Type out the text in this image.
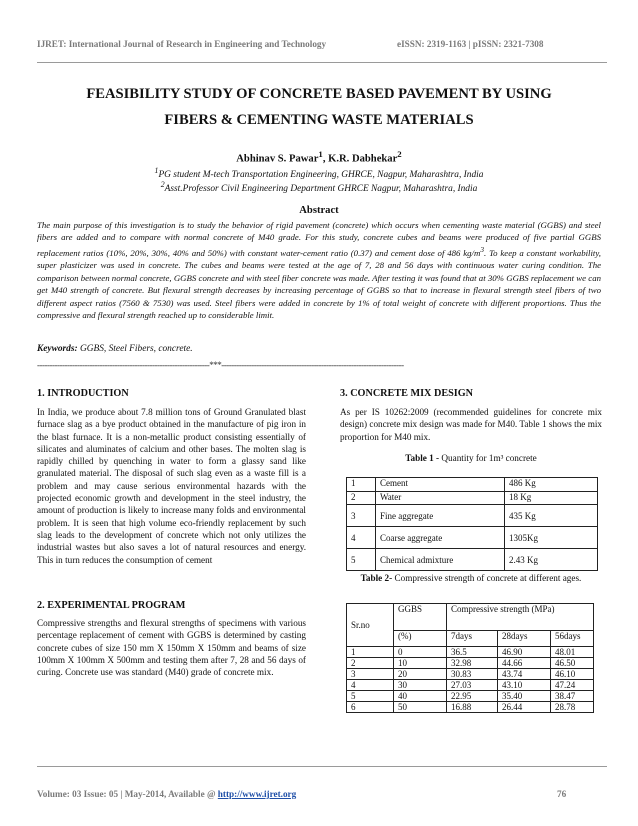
IJRET: International Journal of Research in Engineering and Technology	eISSN: 2319-1163 | pISSN: 2321-7308
FEASIBILITY STUDY OF CONCRETE BASED PAVEMENT BY USING
FIBERS & CEMENTING WASTE MATERIALS
Abhinav S. Pawar$^1$, K.R. Dabhekar$^2$
$^1$PG student M-tech Transportation Engineering, GHRCE, Nagpur, Maharashtra, India
$^2$Asst.Professor Civil Engineering Department GHRCE Nagpur, Maharashtra, India
Abstract
The main purpose of this investigation is to study the behavior of rigid pavement (concrete) which occurs when cementing waste material (GGBS) and steel fibers are added and to compare with normal concrete of M40 grade. For this study, concrete cubes and beams were produced of five partial GGBS replacement ratios (10%, 20%, 30%, 40% and 50%) with constant water-cement ratio (0.37) and cement dose of 486 $kg/m^3$. To keep a constant workability, super plasticizer was used in concrete. The cubes and beams were tested at the age of 7, 28 and 56 days with continuous water curing condition. The comparison between normal concrete, GGBS concrete and with steel fiber concrete was made. After testing it was found that at 30% GGBS replacement we can get M40 strength of concrete. But flexural strength decreases by increasing percentage of GGBS so that to increase in flexural strength steel fibers of two different aspect ratios (7560 & 7530) was used. Steel fibers were added in concrete by 1% of total weight of concrete with different proportions. Thus the compressive and flexural strength reached up to considerable limit.
Keywords: GGBS, Steel Fibers, concrete.
---------------------------------------------------------------------***-------------------------------------------------------------------------
1. INTRODUCTION
In India, we produce about 7.8 million tons of Ground Granulated blast furnace slag as a bye product obtained in the manufacture of pig iron in the blast furnace. It is a non-metallic product consisting essentially of silicates and aluminates of calcium and other bases. The molten slag is rapidly chilled by quenching in water to form a glassy sand like granulated material. The disposal of such slag even as a waste fill is a problem and may cause serious environmental hazards with the projected economic growth and development in the steel industry, the amount of production is likely to increase many folds and environmental problem. It is seen that high volume eco-friendly replacement by such slag leads to the development of concrete which not only utilizes the industrial wastes but also saves a lot of natural resources and energy. This in turn reduces the consumption of cement
2. EXPERIMENTAL PROGRAM
Compressive strengths and flexural strengths of specimens with various percentage replacement of cement with GGBS is determined by casting concrete cubes of size 150 mm X 150mm X 150mm and beams of size 100mm X 100mm X 500mm and testing them after 7, 28 and 56 days of curing. Concrete use was standard (M40) grade of concrete mix.
3. CONCRETE MIX DESIGN
As per IS 10262:2009 (recommended guidelines for concrete mix design) concrete mix design was made for M40. Table 1 shows the mix proportion for M40 mix.
Table 1 - Quantity for 1m³ concrete
1	Cement	486 Kg
2	Water	18 Kg
3	Fine aggregate	435 Kg
4	Coarse aggregate	1305Kg
5	Chemical admixture	2.43 Kg
Table 2- Compressive strength of concrete at different ages.
Sr.no	GGBS	Compressive strength (MPa)		
	(%)	7days	28days	56days
1	0	36.5	46.90	48.01
2	10	32.98	44.66	46.50
3	20	30.83	43.74	46.10
4	30	27.03	43.10	47.24
5	40	22.95	35.40	38.47
6	50	16.88	26.44	28.78
Volume: 03 Issue: 05 | May-2014, Available @ http://www.ijret.org	76
